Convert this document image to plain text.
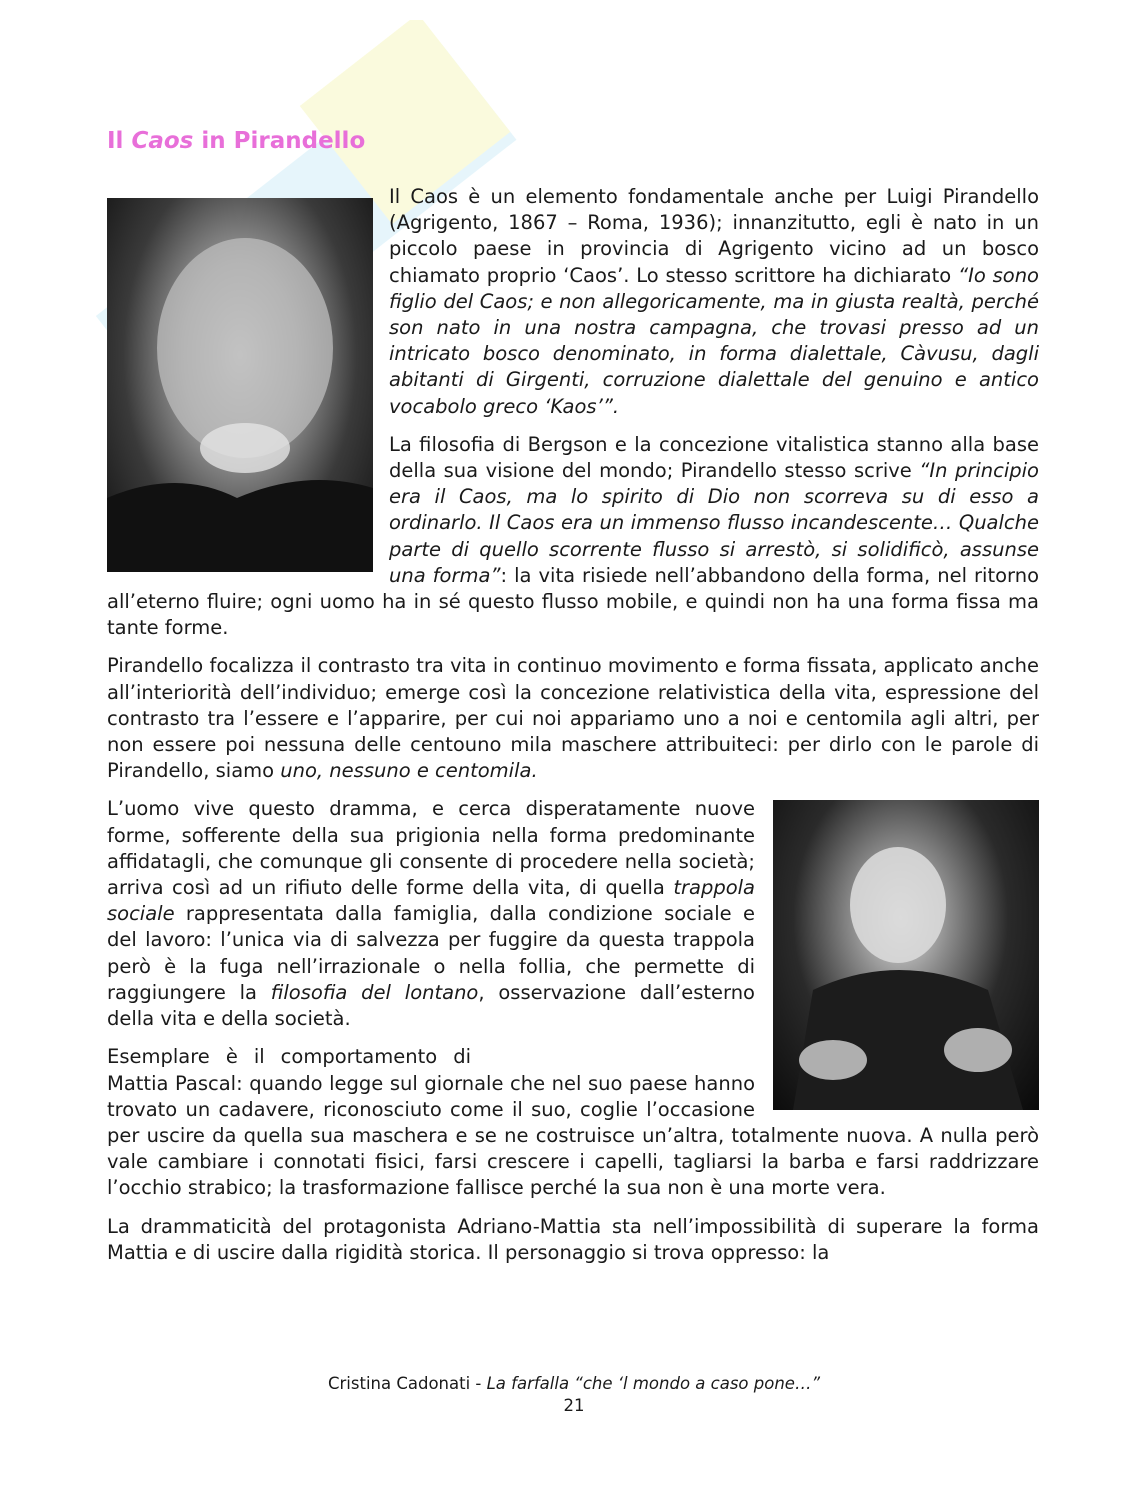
Il Caos in Pirandello

Il Caos è un elemento fondamentale anche per Luigi Pirandello (Agrigento, 1867 – Roma, 1936); innanzitutto, egli è nato in un piccolo paese in provincia di Agrigento vicino ad un bosco chiamato proprio ‘Caos’. Lo stesso scrittore ha dichiarato “Io sono figlio del Caos; e non allegoricamente, ma in giusta realtà, perché son nato in una nostra campagna, che trovasi presso ad un intricato bosco denominato, in forma dialettale, Càvusu, dagli abitanti di Girgenti, corruzione dialettale del genuino e antico vocabolo greco ‘Kaos’”.

La filosofia di Bergson e la concezione vitalistica stanno alla base della sua visione del mondo; Pirandello stesso scrive “In principio era il Caos, ma lo spirito di Dio non scorreva su di esso a ordinarlo. Il Caos era un immenso flusso incandescente… Qualche parte di quello scorrente flusso si arrestò, si solidificò, assunse una forma”: la vita risiede nell’abbandono della forma, nel ritorno all’eterno fluire; ogni uomo ha in sé questo flusso mobile, e quindi non ha una forma fissa ma tante forme.

Pirandello focalizza il contrasto tra vita in continuo movimento e forma fissata, applicato anche all’interiorità dell’individuo; emerge così la concezione relativistica della vita, espressione del contrasto tra l’essere e l’apparire, per cui noi appariamo uno a noi e centomila agli altri, per non essere poi nessuna delle centouno mila maschere attribuiteci: per dirlo con le parole di Pirandello, siamo uno, nessuno e centomila.

L’uomo vive questo dramma, e cerca disperatamente nuove forme, sofferente della sua prigionia nella forma predominante affidatagli, che comunque gli consente di procedere nella società; arriva così ad un rifiuto delle forme della vita, di quella trappola sociale rappresentata dalla famiglia, dalla condizione sociale e del lavoro: l’unica via di salvezza per fuggire da questa trappola però è la fuga nell’irrazionale o nella follia, che permette di raggiungere la filosofia del lontano, osservazione dall’esterno della vita e della società.

Esemplare è il comportamento di Mattia Pascal: quando legge sul giornale che nel suo paese hanno trovato un cadavere, riconosciuto come il suo, coglie l’occasione per uscire da quella sua maschera e se ne costruisce un’altra, totalmente nuova. A nulla però vale cambiare i connotati fisici, farsi crescere i capelli, tagliarsi la barba e farsi raddrizzare l’occhio strabico; la trasformazione fallisce perché la sua non è una morte vera.

La drammaticità del protagonista Adriano-Mattia sta nell’impossibilità di superare la forma Mattia e di uscire dalla rigidità storica. Il personaggio si trova oppresso: la

Cristina Cadonati - La farfalla “che ‘l mondo a caso pone…”
21
